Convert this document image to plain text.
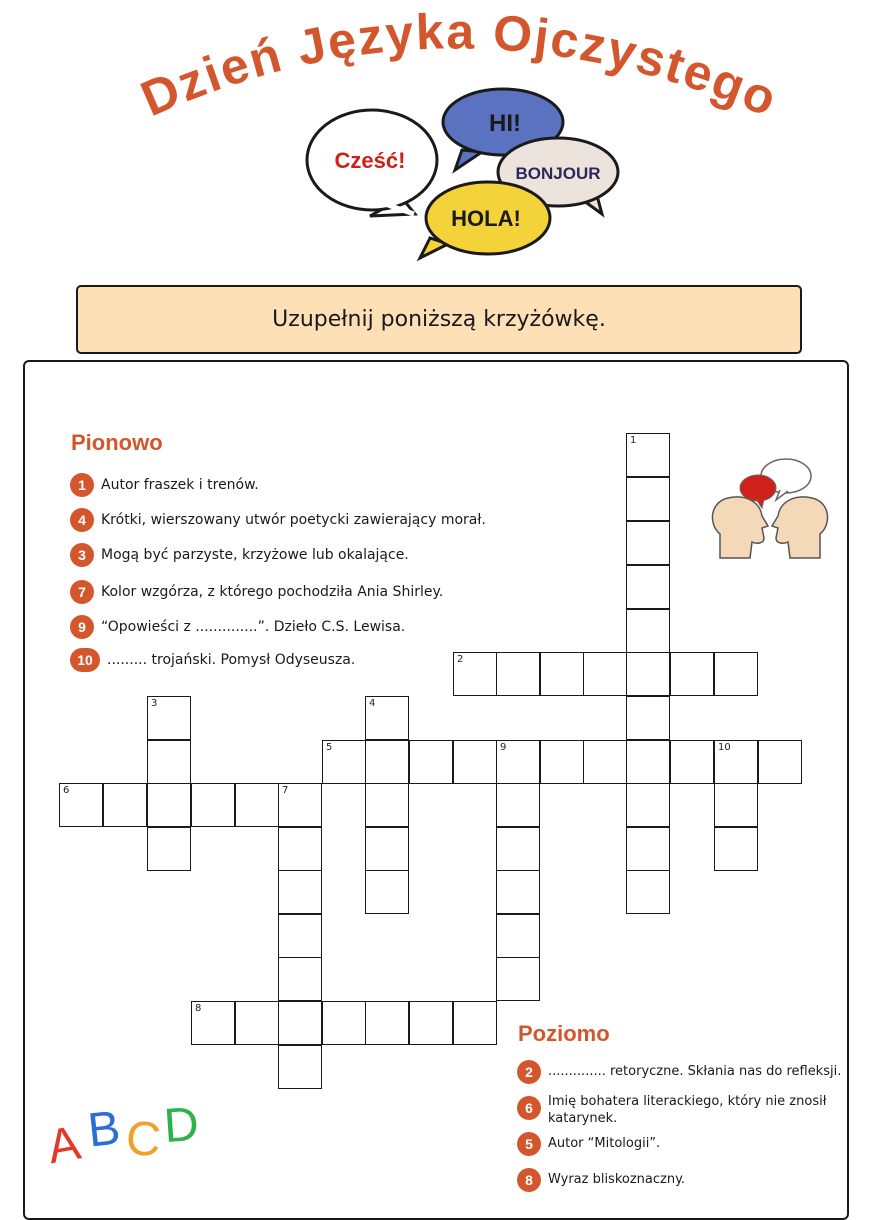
Dzień Języka Ojczystego
Cześć!
HI!
BONJOUR
HOLA!
Uzupełnij poniższą krzyżówkę.
Pionowo
1	Autor fraszek i trenów.
4	Krótki, wierszowany utwór poetycki zawierający morał.
3	Mogą być parzyste, krzyżowe lub okalające.
7	Kolor wzgórza, z którego pochodziła Ania Shirley.
9	“Opowieści z ..............”. Dzieło C.S. Lewisa.
10	......... trojański. Pomysł Odyseusza.
1
2
3	4
5	9	10
6	7
8
Poziomo
2	.............. retoryczne. Skłania nas do refleksji.
6	Imię bohatera literackiego, który nie znosił katarynek.
5	Autor “Mitologii”.
8	Wyraz bliskoznaczny.
A B C D
